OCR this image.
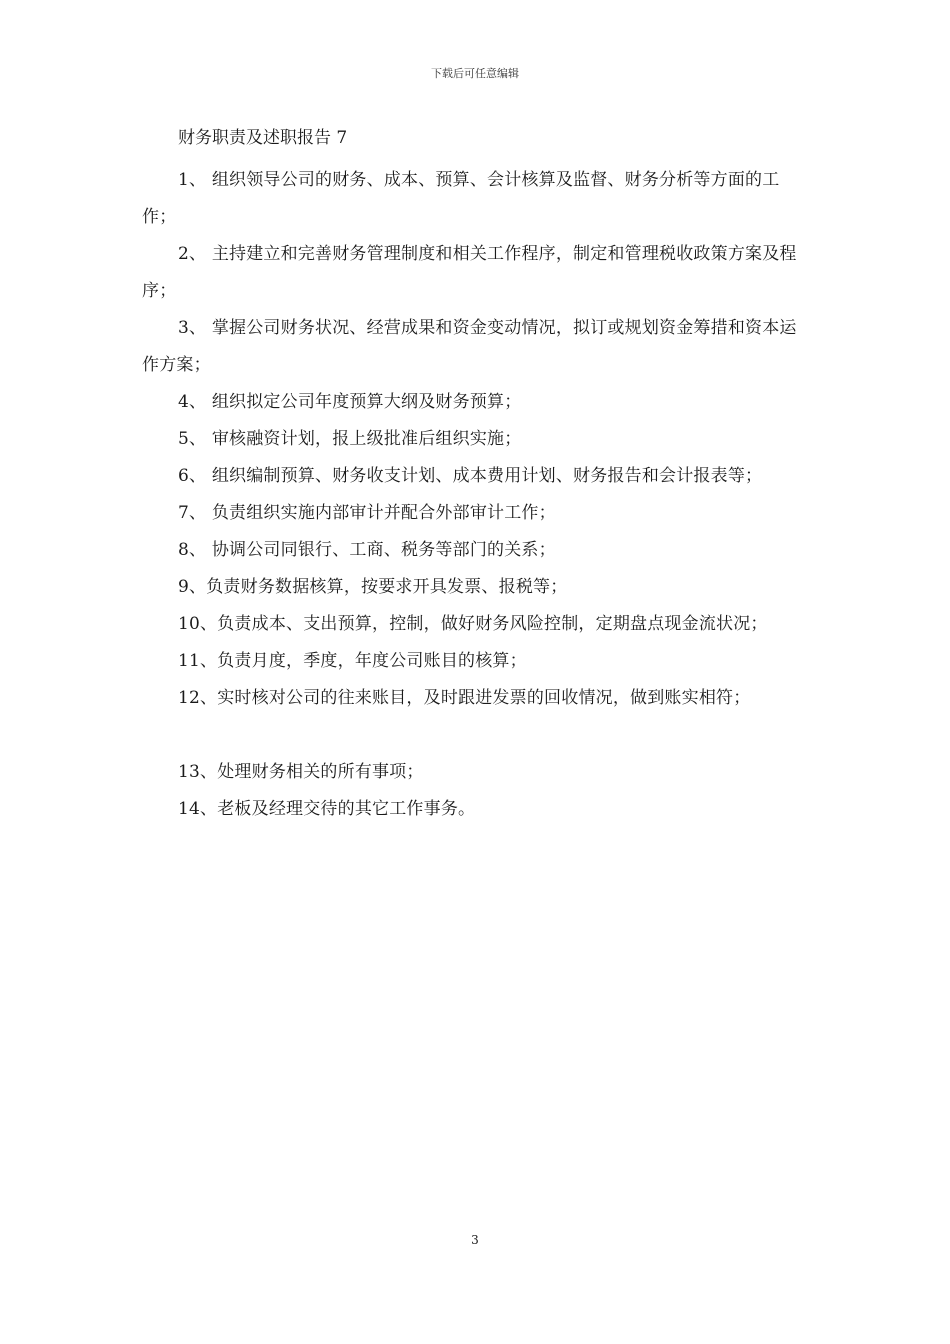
下载后可任意编辑
财务职责及述职报告 7

1、 组织领导公司的财务、成本、预算、会计核算及监督、财务分析等方面的工作；

2、 主持建立和完善财务管理制度和相关工作程序，制定和管理税收政策方案及程序；

3、 掌握公司财务状况、经营成果和资金变动情况，拟订或规划资金筹措和资本运作方案；

4、 组织拟定公司年度预算大纲及财务预算；

5、 审核融资计划，报上级批准后组织实施；

6、 组织编制预算、财务收支计划、成本费用计划、财务报告和会计报表等；

7、 负责组织实施内部审计并配合外部审计工作；

8、 协调公司同银行、工商、税务等部门的关系；

9、负责财务数据核算，按要求开具发票、报税等；

10、负责成本、支出预算，控制，做好财务风险控制，定期盘点现金流状况；

11、负责月度，季度，年度公司账目的核算；

12、实时核对公司的往来账目，及时跟进发票的回收情况，做到账实相符；

13、处理财务相关的所有事项；

14、老板及经理交待的其它工作事务。

3
